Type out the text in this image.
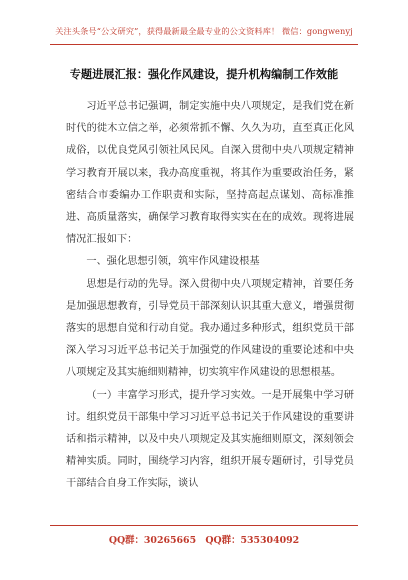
关注头条号“公文研究”，获得最新最全最专业的公文资料库！ 微信：gongwenyj
专题进展汇报：强化作风建设，提升机构编制工作效能

习近平总书记强调，制定实施中央八项规定，是我们党在新时代的徙木立信之举，必须常抓不懈、久久为功，直至真正化风成俗，以优良党风引领社风民风。自深入贯彻中央八项规定精神学习教育开展以来，我办高度重视，将其作为重要政治任务，紧密结合市委编办工作职责和实际，坚持高起点谋划、高标准推进、高质量落实，确保学习教育取得实实在在的成效。现将进展情况汇报如下：

一、强化思想引领，筑牢作风建设根基

思想是行动的先导。深入贯彻中央八项规定精神，首要任务是加强思想教育，引导党员干部深刻认识其重大意义，增强贯彻落实的思想自觉和行动自觉。我办通过多种形式，组织党员干部深入学习习近平总书记关于加强党的作风建设的重要论述和中央八项规定及其实施细则精神，切实筑牢作风建设的思想根基。

（一）丰富学习形式，提升学习实效。一是开展集中学习研讨。组织党员干部集中学习习近平总书记关于作风建设的重要讲话和指示精神，以及中央八项规定及其实施细则原文，深刻领会精神实质。同时，围绕学习内容，组织开展专题研讨，引导党员干部结合自身工作实际，谈认

QQ群：30265665 QQ群：535304092
